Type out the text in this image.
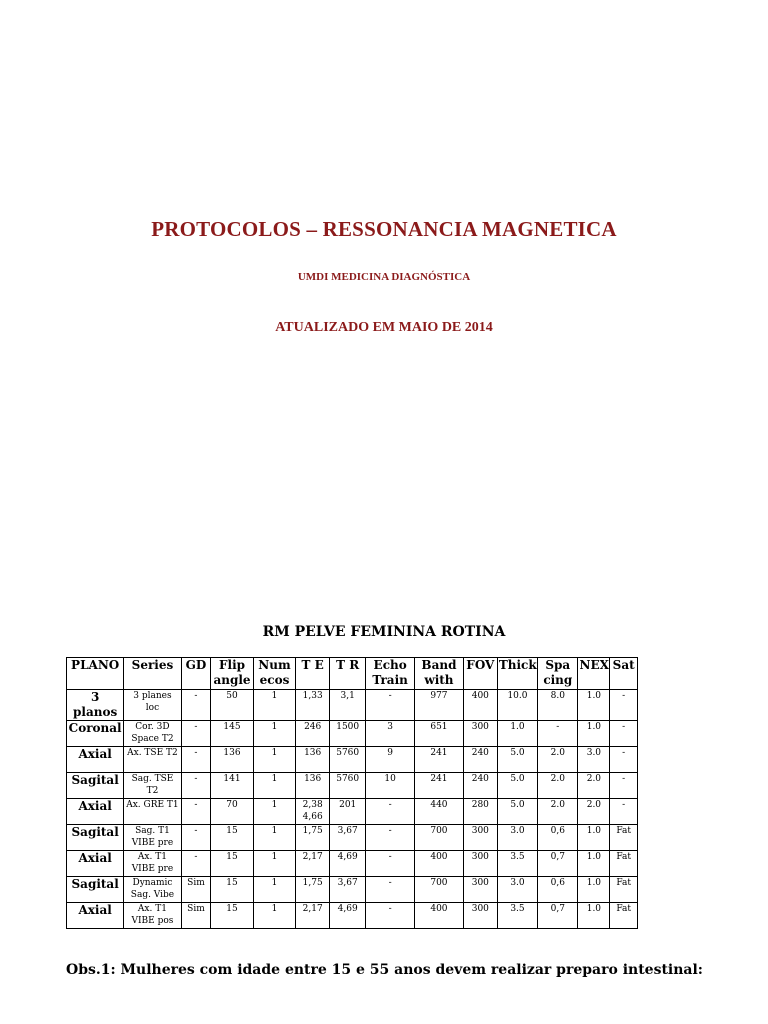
PROTOCOLOS – RESSONANCIA MAGNETICA
UMDI MEDICINA DIAGNÓSTICA
ATUALIZADO EM MAIO DE 2014
RM PELVE FEMININA ROTINA
PLANO	Series	GD	Flip angle	Num ecos	T E	T R	Echo Train	Band with	FOV	Thick	Spa cing	NEX	Sat
3 planos	3 planes loc	-	50	1	1,33	3,1	-	977	400	10.0	8.0	1.0	-
Coronal	Cor. 3D Space T2	-	145	1	246	1500	3	651	300	1.0	-	1.0	-
Axial	Ax. TSE T2	-	136	1	136	5760	9	241	240	5.0	2.0	3.0	-
Sagital	Sag. TSE T2	-	141	1	136	5760	10	241	240	5.0	2.0	2.0	-
Axial	Ax. GRE T1	-	70	1	2,38 4,66	201	-	440	280	5.0	2.0	2.0	-
Sagital	Sag. T1 VIBE pre	-	15	1	1,75	3,67	-	700	300	3.0	0,6	1.0	Fat
Axial	Ax. T1 VIBE pre	-	15	1	2,17	4,69	-	400	300	3.5	0,7	1.0	Fat
Sagital	Dynamic Sag. Vibe	Sim	15	1	1,75	3,67	-	700	300	3.0	0,6	1.0	Fat
Axial	Ax. T1 VIBE pos	Sim	15	1	2,17	4,69	-	400	300	3.5	0,7	1.0	Fat
Obs.1: Mulheres com idade entre 15 e 55 anos devem realizar preparo intestinal:
